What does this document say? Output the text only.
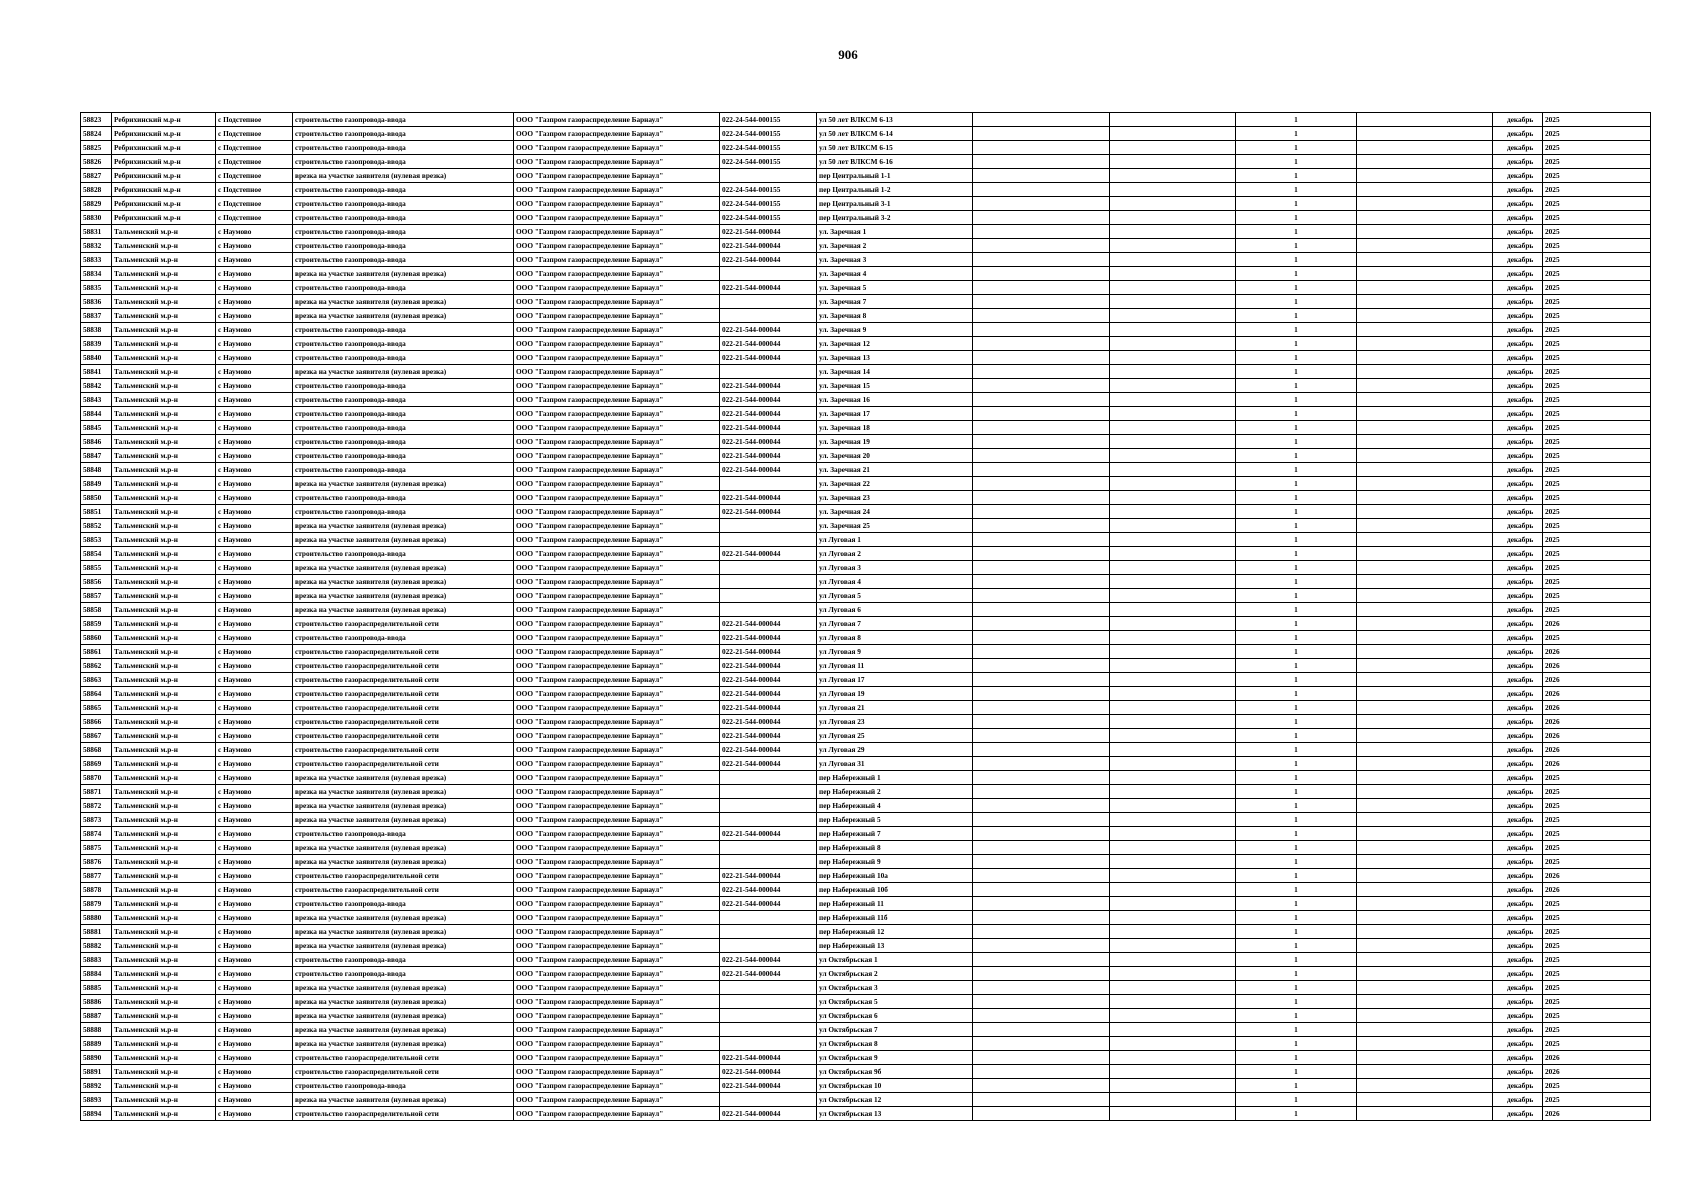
906
58823	Ребрихинский м.р-н	с Подстепное	строительство газопровода-ввода	ООО "Газпром газораспределение Барнаул"	022-24-544-000155	ул 50 лет ВЛКСМ 6-13			1		декабрь	2025
58824	Ребрихинский м.р-н	с Подстепное	строительство газопровода-ввода	ООО "Газпром газораспределение Барнаул"	022-24-544-000155	ул 50 лет ВЛКСМ 6-14			1		декабрь	2025
58825	Ребрихинский м.р-н	с Подстепное	строительство газопровода-ввода	ООО "Газпром газораспределение Барнаул"	022-24-544-000155	ул 50 лет ВЛКСМ 6-15			1		декабрь	2025
58826	Ребрихинский м.р-н	с Подстепное	строительство газопровода-ввода	ООО "Газпром газораспределение Барнаул"	022-24-544-000155	ул 50 лет ВЛКСМ 6-16			1		декабрь	2025
58827	Ребрихинский м.р-н	с Подстепное	врезка на участке заявителя (нулевая врезка)	ООО "Газпром газораспределение Барнаул"		пер Центральный 1-1			1		декабрь	2025
58828	Ребрихинский м.р-н	с Подстепное	строительство газопровода-ввода	ООО "Газпром газораспределение Барнаул"	022-24-544-000155	пер Центральный 1-2			1		декабрь	2025
58829	Ребрихинский м.р-н	с Подстепное	строительство газопровода-ввода	ООО "Газпром газораспределение Барнаул"	022-24-544-000155	пер Центральный 3-1			1		декабрь	2025
58830	Ребрихинский м.р-н	с Подстепное	строительство газопровода-ввода	ООО "Газпром газораспределение Барнаул"	022-24-544-000155	пер Центральный 3-2			1		декабрь	2025
58831	Тальменский м.р-н	с Наумово	строительство газопровода-ввода	ООО "Газпром газораспределение Барнаул"	022-21-544-000044	ул. Заречная 1			1		декабрь	2025
58832	Тальменский м.р-н	с Наумово	строительство газопровода-ввода	ООО "Газпром газораспределение Барнаул"	022-21-544-000044	ул. Заречная 2			1		декабрь	2025
58833	Тальменский м.р-н	с Наумово	строительство газопровода-ввода	ООО "Газпром газораспределение Барнаул"	022-21-544-000044	ул. Заречная 3			1		декабрь	2025
58834	Тальменский м.р-н	с Наумово	врезка на участке заявителя (нулевая врезка)	ООО "Газпром газораспределение Барнаул"		ул. Заречная 4			1		декабрь	2025
58835	Тальменский м.р-н	с Наумово	строительство газопровода-ввода	ООО "Газпром газораспределение Барнаул"	022-21-544-000044	ул. Заречная 5			1		декабрь	2025
58836	Тальменский м.р-н	с Наумово	врезка на участке заявителя (нулевая врезка)	ООО "Газпром газораспределение Барнаул"		ул. Заречная 7			1		декабрь	2025
58837	Тальменский м.р-н	с Наумово	врезка на участке заявителя (нулевая врезка)	ООО "Газпром газораспределение Барнаул"		ул. Заречная 8			1		декабрь	2025
58838	Тальменский м.р-н	с Наумово	строительство газопровода-ввода	ООО "Газпром газораспределение Барнаул"	022-21-544-000044	ул. Заречная 9			1		декабрь	2025
58839	Тальменский м.р-н	с Наумово	строительство газопровода-ввода	ООО "Газпром газораспределение Барнаул"	022-21-544-000044	ул. Заречная 12			1		декабрь	2025
58840	Тальменский м.р-н	с Наумово	строительство газопровода-ввода	ООО "Газпром газораспределение Барнаул"	022-21-544-000044	ул. Заречная 13			1		декабрь	2025
58841	Тальменский м.р-н	с Наумово	врезка на участке заявителя (нулевая врезка)	ООО "Газпром газораспределение Барнаул"		ул. Заречная 14			1		декабрь	2025
58842	Тальменский м.р-н	с Наумово	строительство газопровода-ввода	ООО "Газпром газораспределение Барнаул"	022-21-544-000044	ул. Заречная 15			1		декабрь	2025
58843	Тальменский м.р-н	с Наумово	строительство газопровода-ввода	ООО "Газпром газораспределение Барнаул"	022-21-544-000044	ул. Заречная 16			1		декабрь	2025
58844	Тальменский м.р-н	с Наумово	строительство газопровода-ввода	ООО "Газпром газораспределение Барнаул"	022-21-544-000044	ул. Заречная 17			1		декабрь	2025
58845	Тальменский м.р-н	с Наумово	строительство газопровода-ввода	ООО "Газпром газораспределение Барнаул"	022-21-544-000044	ул. Заречная 18			1		декабрь	2025
58846	Тальменский м.р-н	с Наумово	строительство газопровода-ввода	ООО "Газпром газораспределение Барнаул"	022-21-544-000044	ул. Заречная 19			1		декабрь	2025
58847	Тальменский м.р-н	с Наумово	строительство газопровода-ввода	ООО "Газпром газораспределение Барнаул"	022-21-544-000044	ул. Заречная 20			1		декабрь	2025
58848	Тальменский м.р-н	с Наумово	строительство газопровода-ввода	ООО "Газпром газораспределение Барнаул"	022-21-544-000044	ул. Заречная 21			1		декабрь	2025
58849	Тальменский м.р-н	с Наумово	врезка на участке заявителя (нулевая врезка)	ООО "Газпром газораспределение Барнаул"		ул. Заречная 22			1		декабрь	2025
58850	Тальменский м.р-н	с Наумово	строительство газопровода-ввода	ООО "Газпром газораспределение Барнаул"	022-21-544-000044	ул. Заречная 23			1		декабрь	2025
58851	Тальменский м.р-н	с Наумово	строительство газопровода-ввода	ООО "Газпром газораспределение Барнаул"	022-21-544-000044	ул. Заречная 24			1		декабрь	2025
58852	Тальменский м.р-н	с Наумово	врезка на участке заявителя (нулевая врезка)	ООО "Газпром газораспределение Барнаул"		ул. Заречная 25			1		декабрь	2025
58853	Тальменский м.р-н	с Наумово	врезка на участке заявителя (нулевая врезка)	ООО "Газпром газораспределение Барнаул"		ул Луговая 1			1		декабрь	2025
58854	Тальменский м.р-н	с Наумово	строительство газопровода-ввода	ООО "Газпром газораспределение Барнаул"	022-21-544-000044	ул Луговая 2			1		декабрь	2025
58855	Тальменский м.р-н	с Наумово	врезка на участке заявителя (нулевая врезка)	ООО "Газпром газораспределение Барнаул"		ул Луговая 3			1		декабрь	2025
58856	Тальменский м.р-н	с Наумово	врезка на участке заявителя (нулевая врезка)	ООО "Газпром газораспределение Барнаул"		ул Луговая 4			1		декабрь	2025
58857	Тальменский м.р-н	с Наумово	врезка на участке заявителя (нулевая врезка)	ООО "Газпром газораспределение Барнаул"		ул Луговая 5			1		декабрь	2025
58858	Тальменский м.р-н	с Наумово	врезка на участке заявителя (нулевая врезка)	ООО "Газпром газораспределение Барнаул"		ул Луговая 6			1		декабрь	2025
58859	Тальменский м.р-н	с Наумово	строительство газораспределительной сети	ООО "Газпром газораспределение Барнаул"	022-21-544-000044	ул Луговая 7			1		декабрь	2026
58860	Тальменский м.р-н	с Наумово	строительство газопровода-ввода	ООО "Газпром газораспределение Барнаул"	022-21-544-000044	ул Луговая 8			1		декабрь	2025
58861	Тальменский м.р-н	с Наумово	строительство газораспределительной сети	ООО "Газпром газораспределение Барнаул"	022-21-544-000044	ул Луговая 9			1		декабрь	2026
58862	Тальменский м.р-н	с Наумово	строительство газораспределительной сети	ООО "Газпром газораспределение Барнаул"	022-21-544-000044	ул Луговая 11			1		декабрь	2026
58863	Тальменский м.р-н	с Наумово	строительство газораспределительной сети	ООО "Газпром газораспределение Барнаул"	022-21-544-000044	ул Луговая 17			1		декабрь	2026
58864	Тальменский м.р-н	с Наумово	строительство газораспределительной сети	ООО "Газпром газораспределение Барнаул"	022-21-544-000044	ул Луговая 19			1		декабрь	2026
58865	Тальменский м.р-н	с Наумово	строительство газораспределительной сети	ООО "Газпром газораспределение Барнаул"	022-21-544-000044	ул Луговая 21			1		декабрь	2026
58866	Тальменский м.р-н	с Наумово	строительство газораспределительной сети	ООО "Газпром газораспределение Барнаул"	022-21-544-000044	ул Луговая 23			1		декабрь	2026
58867	Тальменский м.р-н	с Наумово	строительство газораспределительной сети	ООО "Газпром газораспределение Барнаул"	022-21-544-000044	ул Луговая 25			1		декабрь	2026
58868	Тальменский м.р-н	с Наумово	строительство газораспределительной сети	ООО "Газпром газораспределение Барнаул"	022-21-544-000044	ул Луговая 29			1		декабрь	2026
58869	Тальменский м.р-н	с Наумово	строительство газораспределительной сети	ООО "Газпром газораспределение Барнаул"	022-21-544-000044	ул Луговая 31			1		декабрь	2026
58870	Тальменский м.р-н	с Наумово	врезка на участке заявителя (нулевая врезка)	ООО "Газпром газораспределение Барнаул"		пер Набережный 1			1		декабрь	2025
58871	Тальменский м.р-н	с Наумово	врезка на участке заявителя (нулевая врезка)	ООО "Газпром газораспределение Барнаул"		пер Набережный 2			1		декабрь	2025
58872	Тальменский м.р-н	с Наумово	врезка на участке заявителя (нулевая врезка)	ООО "Газпром газораспределение Барнаул"		пер Набережный 4			1		декабрь	2025
58873	Тальменский м.р-н	с Наумово	врезка на участке заявителя (нулевая врезка)	ООО "Газпром газораспределение Барнаул"		пер Набережный 5			1		декабрь	2025
58874	Тальменский м.р-н	с Наумово	строительство газопровода-ввода	ООО "Газпром газораспределение Барнаул"	022-21-544-000044	пер Набережный 7			1		декабрь	2025
58875	Тальменский м.р-н	с Наумово	врезка на участке заявителя (нулевая врезка)	ООО "Газпром газораспределение Барнаул"		пер Набережный 8			1		декабрь	2025
58876	Тальменский м.р-н	с Наумово	врезка на участке заявителя (нулевая врезка)	ООО "Газпром газораспределение Барнаул"		пер Набережный 9			1		декабрь	2025
58877	Тальменский м.р-н	с Наумово	строительство газораспределительной сети	ООО "Газпром газораспределение Барнаул"	022-21-544-000044	пер Набережный 10а			1		декабрь	2026
58878	Тальменский м.р-н	с Наумово	строительство газораспределительной сети	ООО "Газпром газораспределение Барнаул"	022-21-544-000044	пер Набережный 10б			1		декабрь	2026
58879	Тальменский м.р-н	с Наумово	строительство газопровода-ввода	ООО "Газпром газораспределение Барнаул"	022-21-544-000044	пер Набережный 11			1		декабрь	2025
58880	Тальменский м.р-н	с Наумово	врезка на участке заявителя (нулевая врезка)	ООО "Газпром газораспределение Барнаул"		пер Набережный 11б			1		декабрь	2025
58881	Тальменский м.р-н	с Наумово	врезка на участке заявителя (нулевая врезка)	ООО "Газпром газораспределение Барнаул"		пер Набережный 12			1		декабрь	2025
58882	Тальменский м.р-н	с Наумово	врезка на участке заявителя (нулевая врезка)	ООО "Газпром газораспределение Барнаул"		пер Набережный 13			1		декабрь	2025
58883	Тальменский м.р-н	с Наумово	строительство газопровода-ввода	ООО "Газпром газораспределение Барнаул"	022-21-544-000044	ул Октябрьская 1			1		декабрь	2025
58884	Тальменский м.р-н	с Наумово	строительство газопровода-ввода	ООО "Газпром газораспределение Барнаул"	022-21-544-000044	ул Октябрьская 2			1		декабрь	2025
58885	Тальменский м.р-н	с Наумово	врезка на участке заявителя (нулевая врезка)	ООО "Газпром газораспределение Барнаул"		ул Октябрьская 3			1		декабрь	2025
58886	Тальменский м.р-н	с Наумово	врезка на участке заявителя (нулевая врезка)	ООО "Газпром газораспределение Барнаул"		ул Октябрьская 5			1		декабрь	2025
58887	Тальменский м.р-н	с Наумово	врезка на участке заявителя (нулевая врезка)	ООО "Газпром газораспределение Барнаул"		ул Октябрьская 6			1		декабрь	2025
58888	Тальменский м.р-н	с Наумово	врезка на участке заявителя (нулевая врезка)	ООО "Газпром газораспределение Барнаул"		ул Октябрьская 7			1		декабрь	2025
58889	Тальменский м.р-н	с Наумово	врезка на участке заявителя (нулевая врезка)	ООО "Газпром газораспределение Барнаул"		ул Октябрьская 8			1		декабрь	2025
58890	Тальменский м.р-н	с Наумово	строительство газораспределительной сети	ООО "Газпром газораспределение Барнаул"	022-21-544-000044	ул Октябрьская 9			1		декабрь	2026
58891	Тальменский м.р-н	с Наумово	строительство газораспределительной сети	ООО "Газпром газораспределение Барнаул"	022-21-544-000044	ул Октябрьская 9б			1		декабрь	2026
58892	Тальменский м.р-н	с Наумово	строительство газопровода-ввода	ООО "Газпром газораспределение Барнаул"	022-21-544-000044	ул Октябрьская 10			1		декабрь	2025
58893	Тальменский м.р-н	с Наумово	врезка на участке заявителя (нулевая врезка)	ООО "Газпром газораспределение Барнаул"		ул Октябрьская 12			1		декабрь	2025
58894	Тальменский м.р-н	с Наумово	строительство газораспределительной сети	ООО "Газпром газораспределение Барнаул"	022-21-544-000044	ул Октябрьская 13			1		декабрь	2026
